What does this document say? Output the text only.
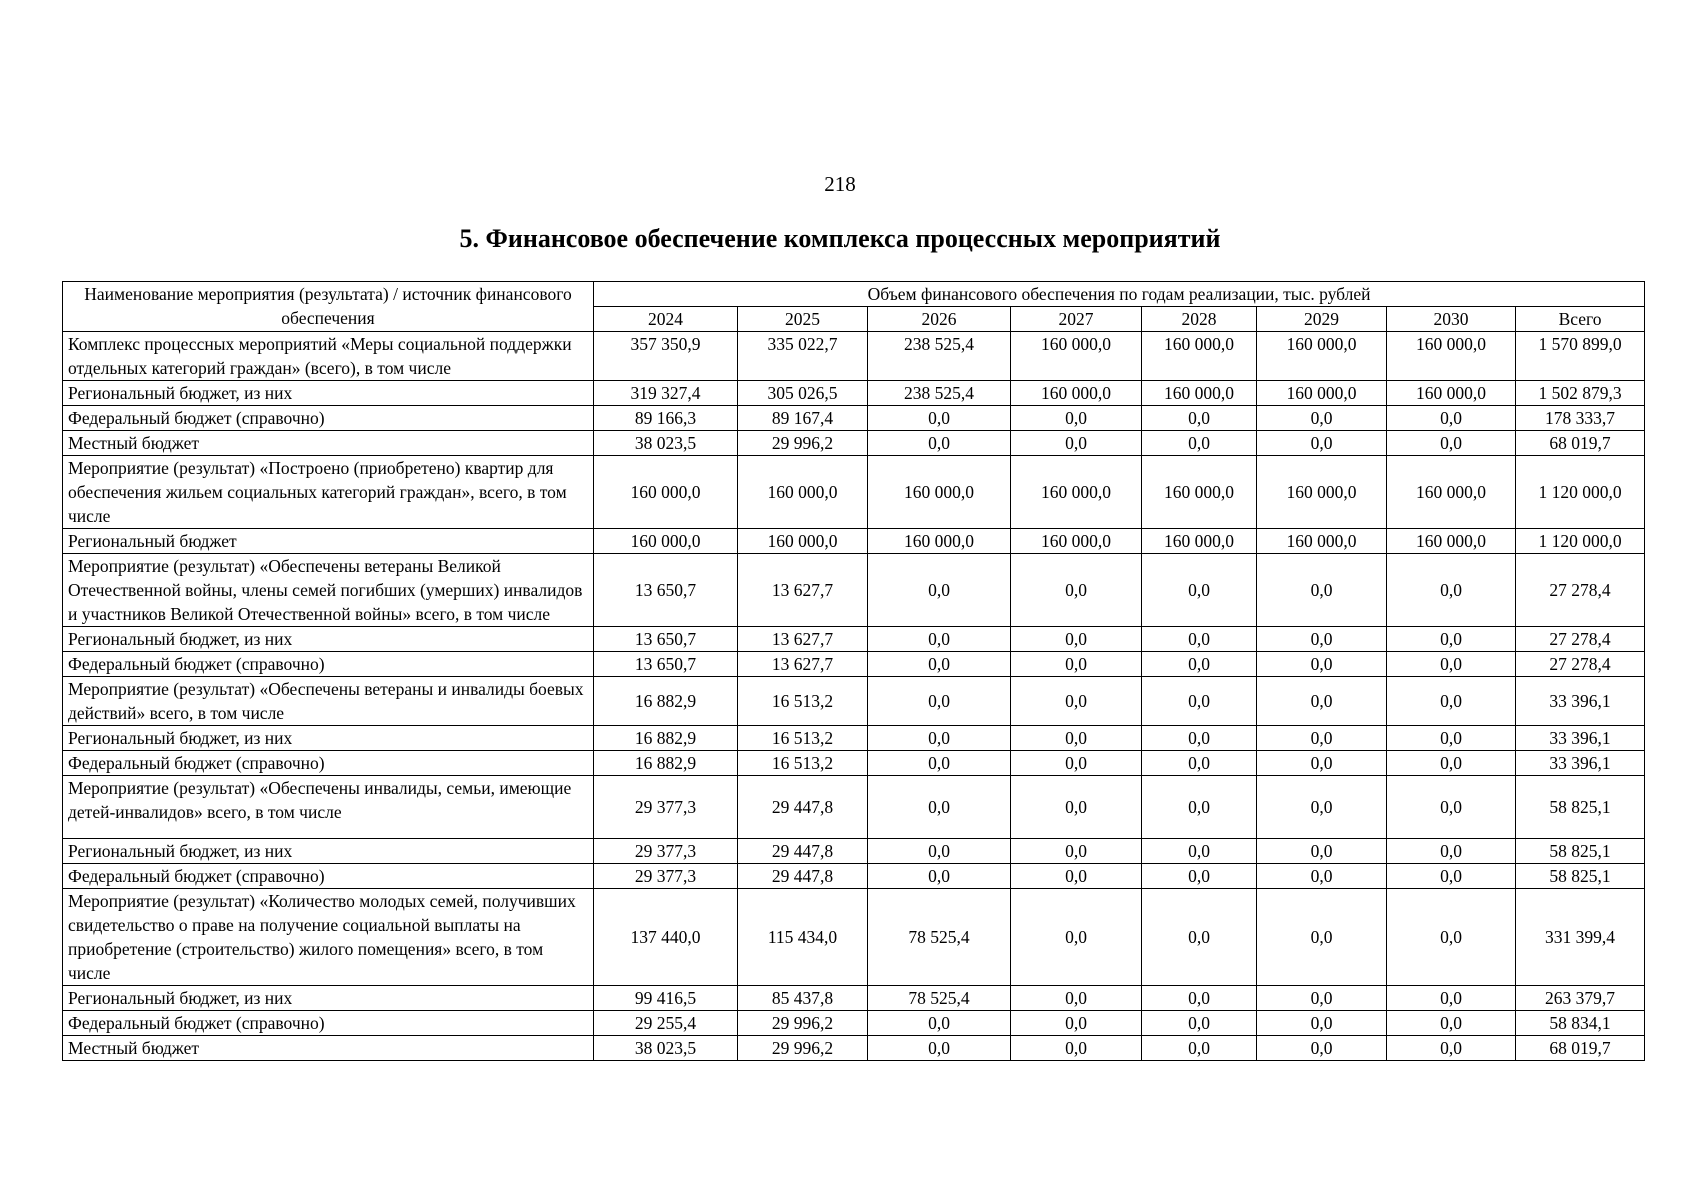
218
5. Финансовое обеспечение комплекса процессных мероприятий
Наименование мероприятия (результата) / источник финансового обеспечения	Объем финансового обеспечения по годам реализации, тыс. рублей							
	2024	2025	2026	2027	2028	2029	2030	Всего
Комплекс процессных мероприятий «Меры социальной поддержки отдельных категорий граждан» (всего), в том числе	357 350,9	335 022,7	238 525,4	160 000,0	160 000,0	160 000,0	160 000,0	1 570 899,0
Региональный бюджет, из них	319 327,4	305 026,5	238 525,4	160 000,0	160 000,0	160 000,0	160 000,0	1 502 879,3
Федеральный бюджет (справочно)	89 166,3	89 167,4	0,0	0,0	0,0	0,0	0,0	178 333,7
Местный бюджет	38 023,5	29 996,2	0,0	0,0	0,0	0,0	0,0	68 019,7
Мероприятие (результат) «Построено (приобретено) квартир для обеспечения жильем социальных категорий граждан», всего, в том числе	160 000,0	160 000,0	160 000,0	160 000,0	160 000,0	160 000,0	160 000,0	1 120 000,0
Региональный бюджет	160 000,0	160 000,0	160 000,0	160 000,0	160 000,0	160 000,0	160 000,0	1 120 000,0
Мероприятие (результат) «Обеспечены ветераны Великой Отечественной войны, члены семей погибших (умерших) инвалидов и участников Великой Отечественной войны» всего, в том числе	13 650,7	13 627,7	0,0	0,0	0,0	0,0	0,0	27 278,4
Региональный бюджет, из них	13 650,7	13 627,7	0,0	0,0	0,0	0,0	0,0	27 278,4
Федеральный бюджет (справочно)	13 650,7	13 627,7	0,0	0,0	0,0	0,0	0,0	27 278,4
Мероприятие (результат) «Обеспечены ветераны и инвалиды боевых действий» всего, в том числе	16 882,9	16 513,2	0,0	0,0	0,0	0,0	0,0	33 396,1
Региональный бюджет, из них	16 882,9	16 513,2	0,0	0,0	0,0	0,0	0,0	33 396,1
Федеральный бюджет (справочно)	16 882,9	16 513,2	0,0	0,0	0,0	0,0	0,0	33 396,1
Мероприятие (результат) «Обеспечены инвалиды, семьи, имеющие детей-инвалидов» всего, в том числе	29 377,3	29 447,8	0,0	0,0	0,0	0,0	0,0	58 825,1
Региональный бюджет, из них	29 377,3	29 447,8	0,0	0,0	0,0	0,0	0,0	58 825,1
Федеральный бюджет (справочно)	29 377,3	29 447,8	0,0	0,0	0,0	0,0	0,0	58 825,1
Мероприятие (результат) «Количество молодых семей, получивших свидетельство о праве на получение социальной выплаты на приобретение (строительство) жилого помещения» всего, в том числе	137 440,0	115 434,0	78 525,4	0,0	0,0	0,0	0,0	331 399,4
Региональный бюджет, из них	99 416,5	85 437,8	78 525,4	0,0	0,0	0,0	0,0	263 379,7
Федеральный бюджет (справочно)	29 255,4	29 996,2	0,0	0,0	0,0	0,0	0,0	58 834,1
Местный бюджет	38 023,5	29 996,2	0,0	0,0	0,0	0,0	0,0	68 019,7
